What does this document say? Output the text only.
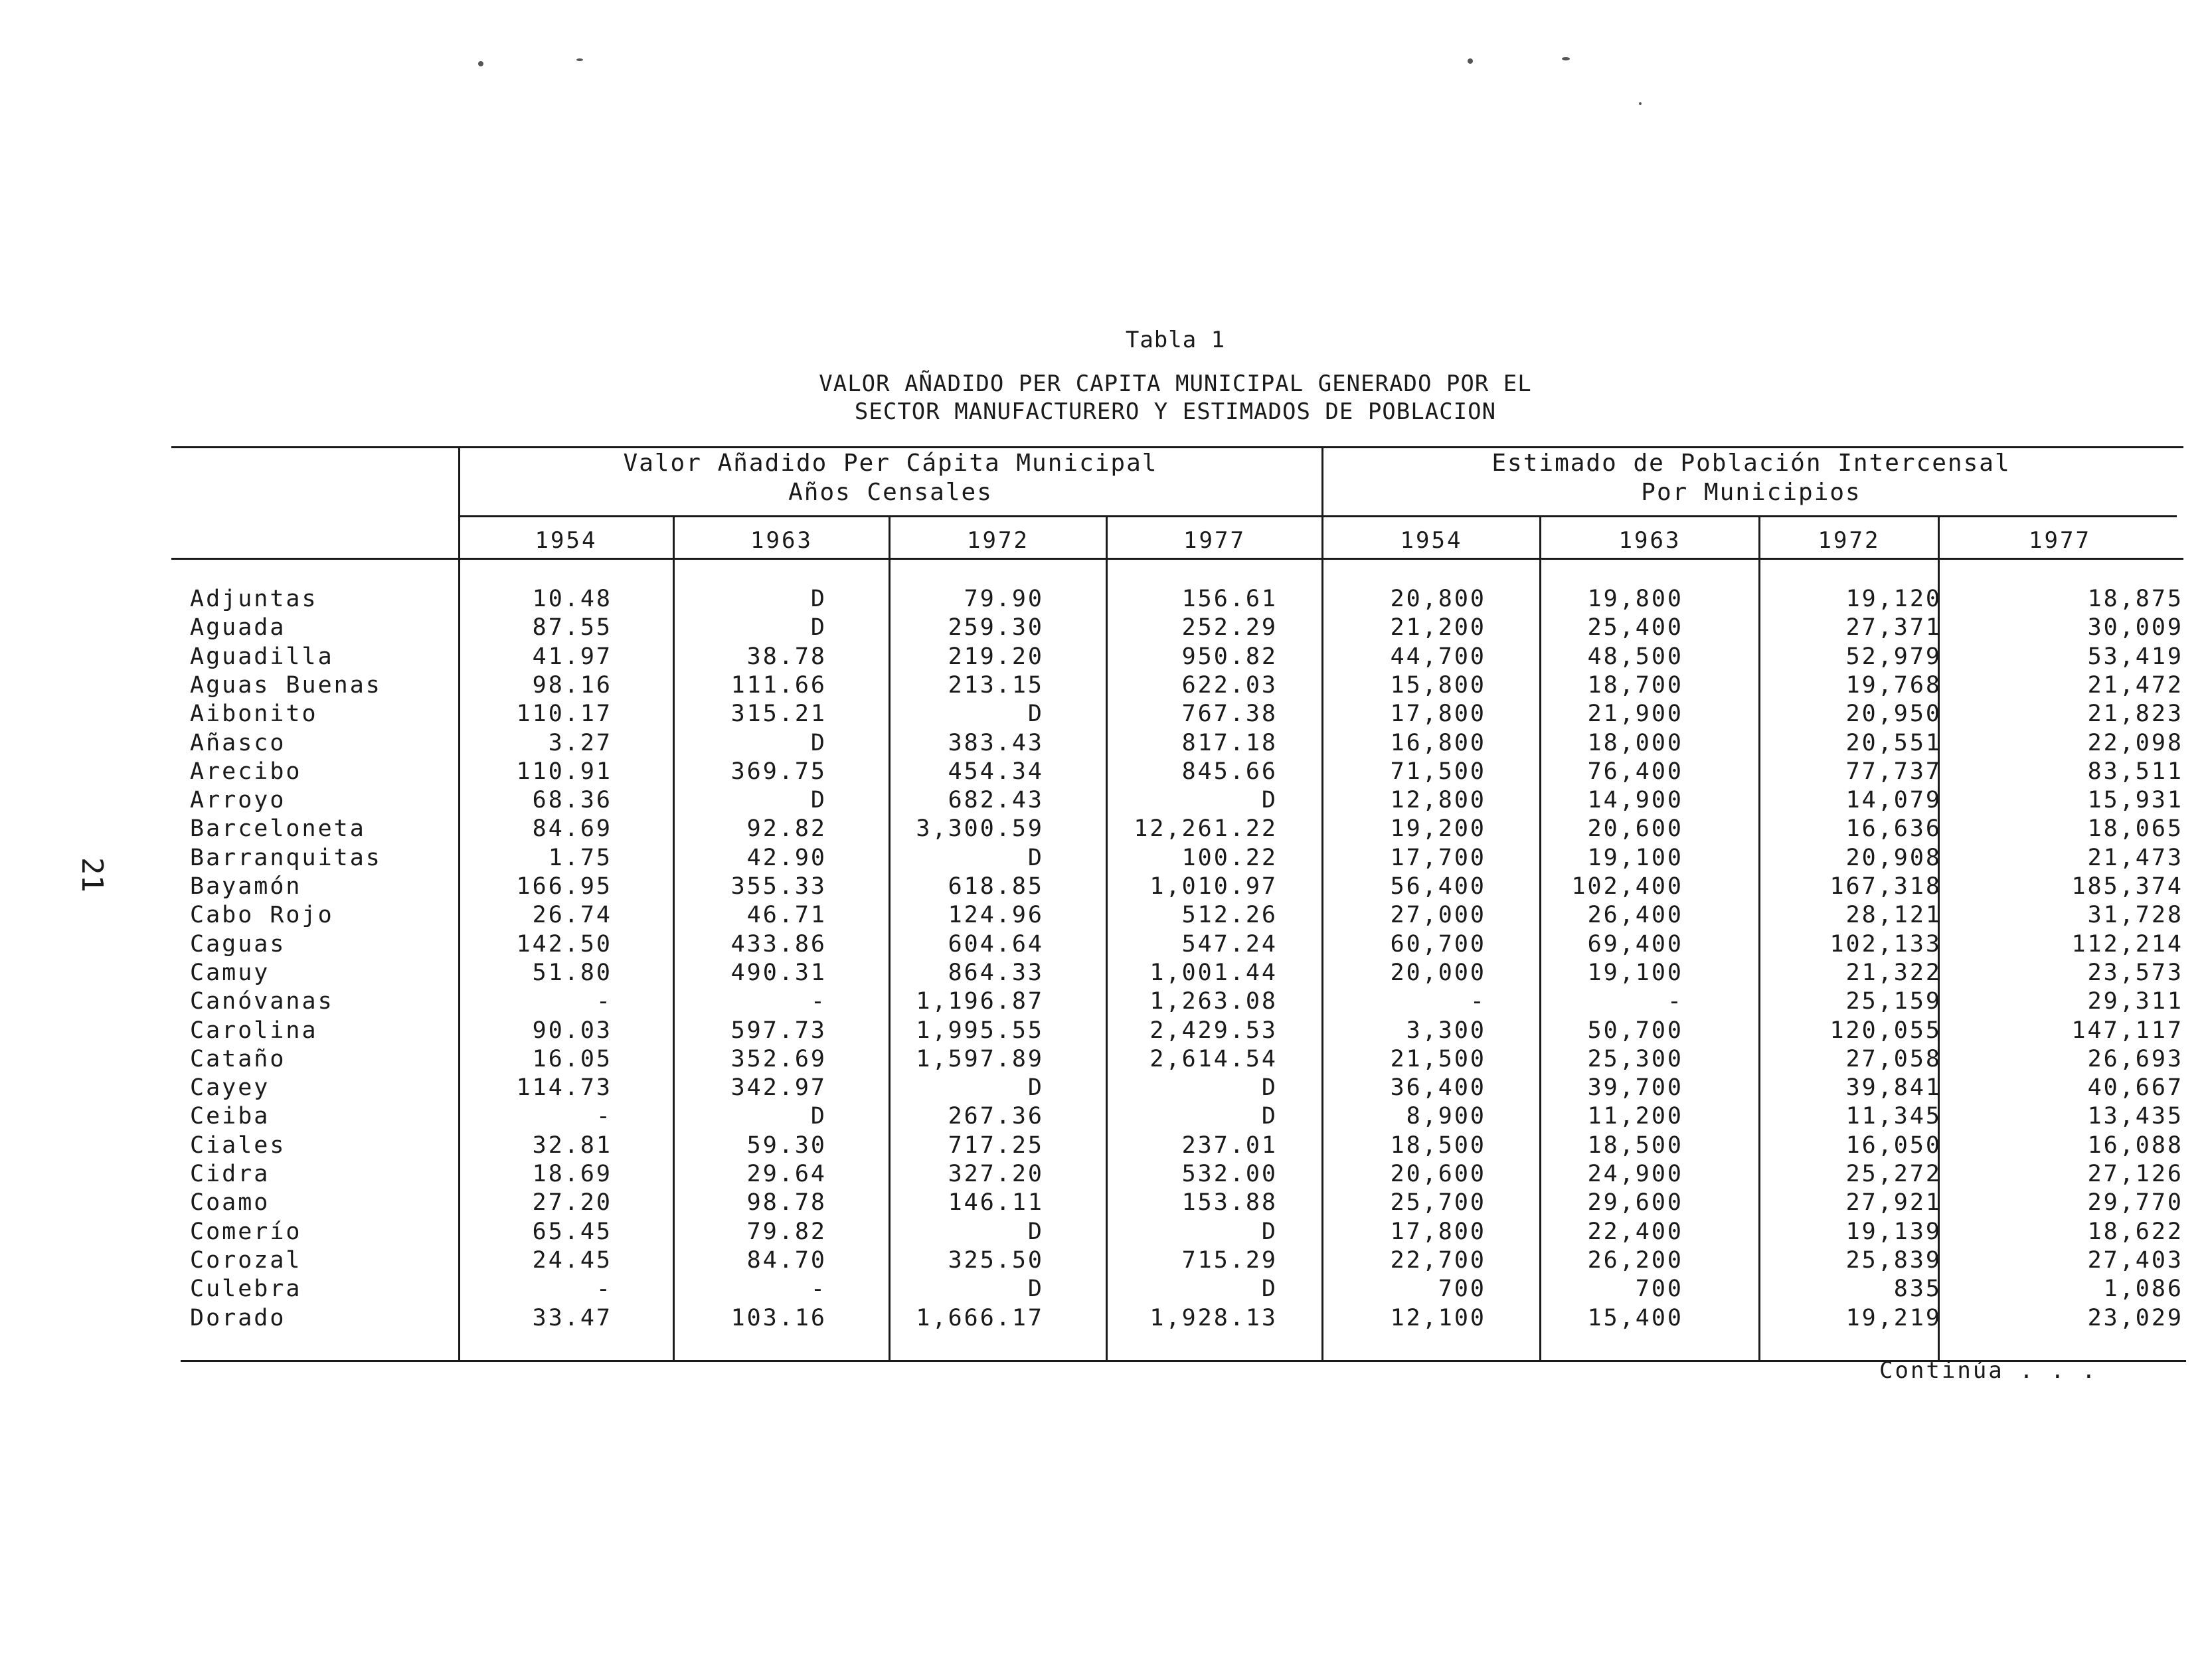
21
Tabla 1
VALOR AÑADIDO PER CAPITA MUNICIPAL GENERADO POR EL
SECTOR MANUFACTURERO Y ESTIMADOS DE POBLACION
Valor Añadido Per Cápita Municipal
Años Censales
Estimado de Población Intercensal
Por Municipios
1954	1963	1972	1977	1954	1963	1972	1977
Adjuntas	10.48	D	79.90	156.61	20,800	19,800	19,120	18,875
Aguada	87.55	D	259.30	252.29	21,200	25,400	27,371	30,009
Aguadilla	41.97	38.78	219.20	950.82	44,700	48,500	52,979	53,419
Aguas Buenas	98.16	111.66	213.15	622.03	15,800	18,700	19,768	21,472
Aibonito	110.17	315.21	D	767.38	17,800	21,900	20,950	21,823
Añasco	3.27	D	383.43	817.18	16,800	18,000	20,551	22,098
Arecibo	110.91	369.75	454.34	845.66	71,500	76,400	77,737	83,511
Arroyo	68.36	D	682.43	D	12,800	14,900	14,079	15,931
Barceloneta	84.69	92.82	3,300.59	12,261.22	19,200	20,600	16,636	18,065
Barranquitas	1.75	42.90	D	100.22	17,700	19,100	20,908	21,473
Bayamón	166.95	355.33	618.85	1,010.97	56,400	102,400	167,318	185,374
Cabo Rojo	26.74	46.71	124.96	512.26	27,000	26,400	28,121	31,728
Caguas	142.50	433.86	604.64	547.24	60,700	69,400	102,133	112,214
Camuy	51.80	490.31	864.33	1,001.44	20,000	19,100	21,322	23,573
Canóvanas	-	-	1,196.87	1,263.08	-	-	25,159	29,311
Carolina	90.03	597.73	1,995.55	2,429.53	3,300	50,700	120,055	147,117
Cataño	16.05	352.69	1,597.89	2,614.54	21,500	25,300	27,058	26,693
Cayey	114.73	342.97	D	D	36,400	39,700	39,841	40,667
Ceiba	-	D	267.36	D	8,900	11,200	11,345	13,435
Ciales	32.81	59.30	717.25	237.01	18,500	18,500	16,050	16,088
Cidra	18.69	29.64	327.20	532.00	20,600	24,900	25,272	27,126
Coamo	27.20	98.78	146.11	153.88	25,700	29,600	27,921	29,770
Comerío	65.45	79.82	D	D	17,800	22,400	19,139	18,622
Corozal	24.45	84.70	325.50	715.29	22,700	26,200	25,839	27,403
Culebra	-	-	D	D	700	700	835	1,086
Dorado	33.47	103.16	1,666.17	1,928.13	12,100	15,400	19,219	23,029
Continúa . . .
